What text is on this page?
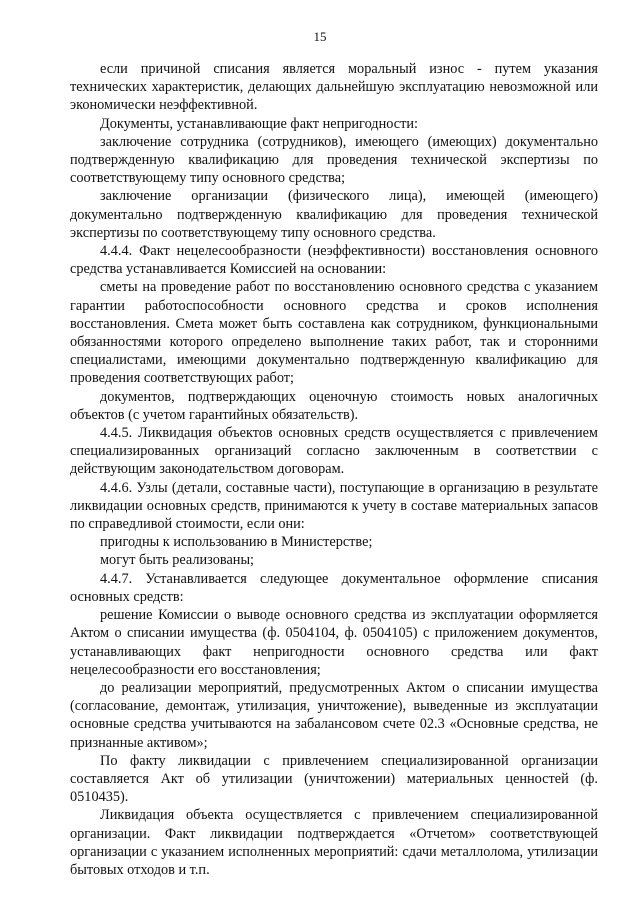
15

если причиной списания является моральный износ - путем указания технических характеристик, делающих дальнейшую эксплуатацию невозможной или экономически неэффективной.

Документы, устанавливающие факт непригодности:

заключение сотрудника (сотрудников), имеющего (имеющих) документально подтвержденную квалификацию для проведения технической экспертизы по соответствующему типу основного средства;

заключение организации (физического лица), имеющей (имеющего) документально подтвержденную квалификацию для проведения технической экспертизы по соответствующему типу основного средства.

4.4.4. Факт нецелесообразности (неэффективности) восстановления основного средства устанавливается Комиссией на основании:

сметы на проведение работ по восстановлению основного средства с указанием гарантии работоспособности основного средства и сроков исполнения восстановления. Смета может быть составлена как сотрудником, функциональными обязанностями которого определено выполнение таких работ, так и сторонними специалистами, имеющими документально подтвержденную квалификацию для проведения соответствующих работ;

документов, подтверждающих оценочную стоимость новых аналогичных объектов (с учетом гарантийных обязательств).

4.4.5. Ликвидация объектов основных средств осуществляется с привлечением специализированных организаций согласно заключенным в соответствии с действующим законодательством договорам.

4.4.6. Узлы (детали, составные части), поступающие в организацию в результате ликвидации основных средств, принимаются к учету в составе материальных запасов по справедливой стоимости, если они:

пригодны к использованию в Министерстве;

могут быть реализованы;

4.4.7. Устанавливается следующее документальное оформление списания основных средств:

решение Комиссии о выводе основного средства из эксплуатации оформляется Актом о списании имущества (ф. 0504104, ф. 0504105) с приложением документов, устанавливающих факт непригодности основного средства или факт нецелесообразности его восстановления;

до реализации мероприятий, предусмотренных Актом о списании имущества (согласование, демонтаж, утилизация, уничтожение), выведенные из эксплуатации основные средства учитываются на забалансовом счете 02.3 «Основные средства, не признанные активом»;

По факту ликвидации с привлечением специализированной организации составляется Акт об утилизации (уничтожении) материальных ценностей (ф. 0510435).

Ликвидация объекта осуществляется с привлечением специализированной организации. Факт ликвидации подтверждается «Отчетом» соответствующей организации с указанием исполненных мероприятий: сдачи металлолома, утилизации бытовых отходов и т.п.
